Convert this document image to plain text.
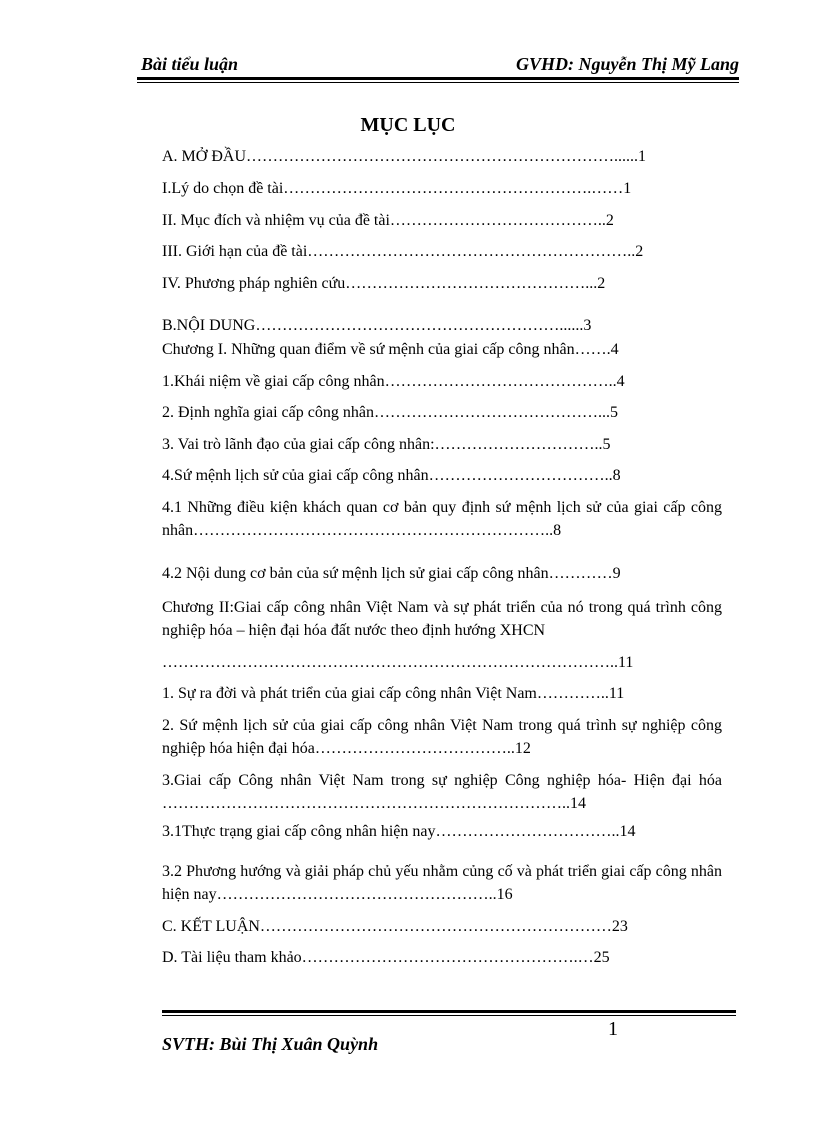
Bài tiểu luận	GVHD: Nguyễn Thị Mỹ Lang
MỤC LỤC
A. MỞ ĐẦU……………………………………………………………......1
I.Lý do chọn đề tài………………………………………………….……1
II. Mục đích và nhiệm vụ của đề tài…………………………………..2
III. Giới hạn của đề tài……………………………………………………..2
IV. Phương pháp nghiên cứu………………………………………...2
B.NỘI DUNG…………………………………………………......3
Chương I. Những quan điểm về sứ mệnh của giai cấp công nhân…….4
1.Khái niệm về giai cấp công nhân……………………………………..4
2. Định nghĩa giai cấp công nhân……………………………………...5
3. Vai trò lãnh đạo của giai cấp công nhân:…………………………..5
4.Sứ mệnh lịch sử của giai cấp công nhân……………………………..8
4.1 Những điều kiện khách quan cơ bản quy định sứ mệnh lịch sử của giai cấp công nhân…………………………………………………………..8
4.2 Nội dung cơ bản của sứ mệnh lịch sử giai cấp công nhân…………9
Chương II:Giai cấp công nhân Việt Nam và sự phát triển của nó trong quá trình công nghiệp hóa – hiện đại hóa đất nước theo định hướng XHCN
…………………………………………………………………………..11
1. Sự ra đời và phát triển của giai cấp công nhân Việt Nam…………..11
2. Sứ mệnh lịch sử của giai cấp công nhân Việt Nam trong quá trình sự nghiệp công nghiệp hóa hiện đại hóa………………………………..12
3.Giai cấp Công nhân Việt Nam trong sự nghiệp Công nghiệp hóa- Hiện đại hóa …………………………………………………………………..14
3.1Thực trạng giai cấp công nhân hiện nay……………………………..14
3.2 Phương hướng và giải pháp chủ yếu nhằm củng cố và phát triển giai cấp công nhân hiện nay……………………………………………..16
C. KẾT LUẬN…………………………………………………………23
D. Tài liệu tham khảo…………………………………………….…25
1
SVTH: Bùi Thị Xuân Quỳnh
